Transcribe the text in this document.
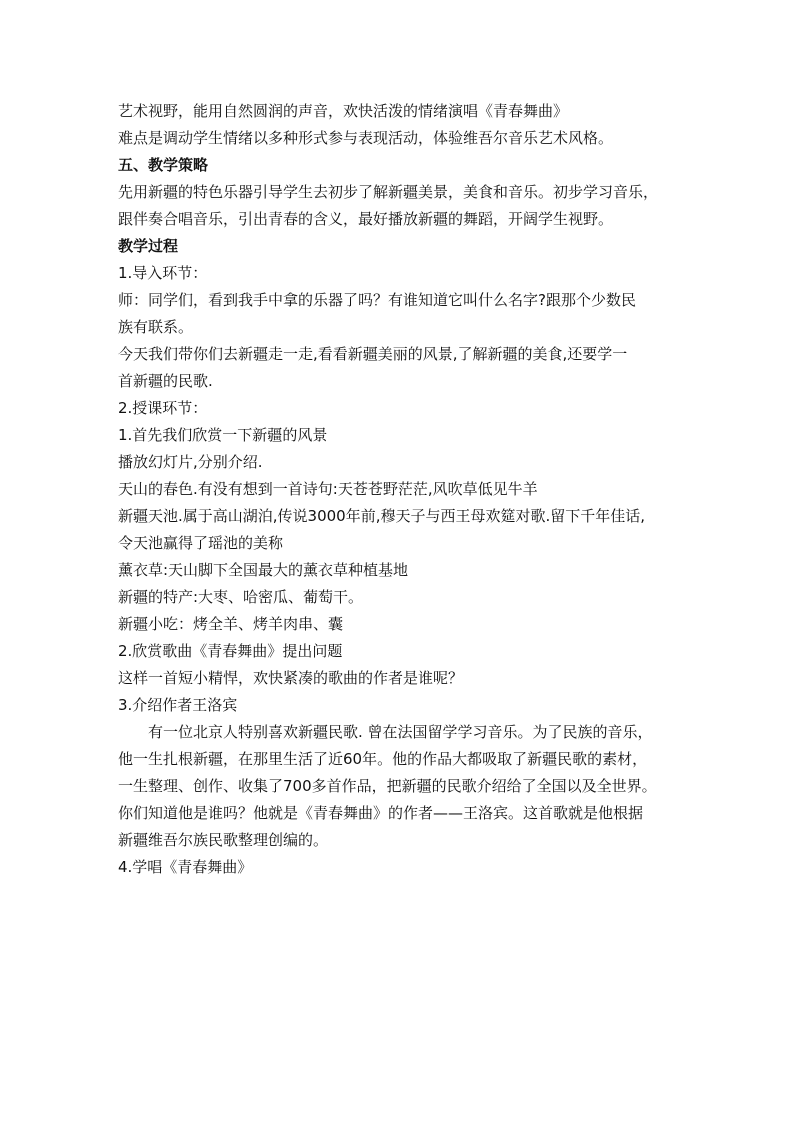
艺术视野，能用自然圆润的声音，欢快活泼的情绪演唱《青春舞曲》
难点是调动学生情绪以多种形式参与表现活动，体验维吾尔音乐艺术风格。
五、教学策略
先用新疆的特色乐器引导学生去初步了解新疆美景，美食和音乐。初步学习音乐，
跟伴奏合唱音乐，引出青春的含义，最好播放新疆的舞蹈，开阔学生视野。
教学过程
1.导入环节：
师：同学们，看到我手中拿的乐器了吗？有谁知道它叫什么名字?跟那个少数民
族有联系。
今天我们带你们去新疆走一走,看看新疆美丽的风景,了解新疆的美食,还要学一
首新疆的民歌.
2.授课环节：
1.首先我们欣赏一下新疆的风景
播放幻灯片,分别介绍.
天山的春色.有没有想到一首诗句:天苍苍野茫茫,风吹草低见牛羊
新疆天池.属于高山湖泊,传说3000年前,穆天子与西王母欢筵对歌.留下千年佳话,
令天池赢得了瑶池的美称
薰衣草:天山脚下全国最大的薰衣草种植基地
新疆的特产:大枣、哈密瓜、葡萄干。
新疆小吃：烤全羊、烤羊肉串、囊
2.欣赏歌曲《青春舞曲》提出问题
这样一首短小精悍，欢快紧凑的歌曲的作者是谁呢？
3.介绍作者王洛宾
有一位北京人特别喜欢新疆民歌. 曾在法国留学学习音乐。为了民族的音乐，
他一生扎根新疆，在那里生活了近60年。他的作品大都吸取了新疆民歌的素材，
一生整理、创作、收集了700多首作品，把新疆的民歌介绍给了全国以及全世界。
你们知道他是谁吗？他就是《青春舞曲》的作者——王洛宾。这首歌就是他根据
新疆维吾尔族民歌整理创编的。
4.学唱《青春舞曲》
